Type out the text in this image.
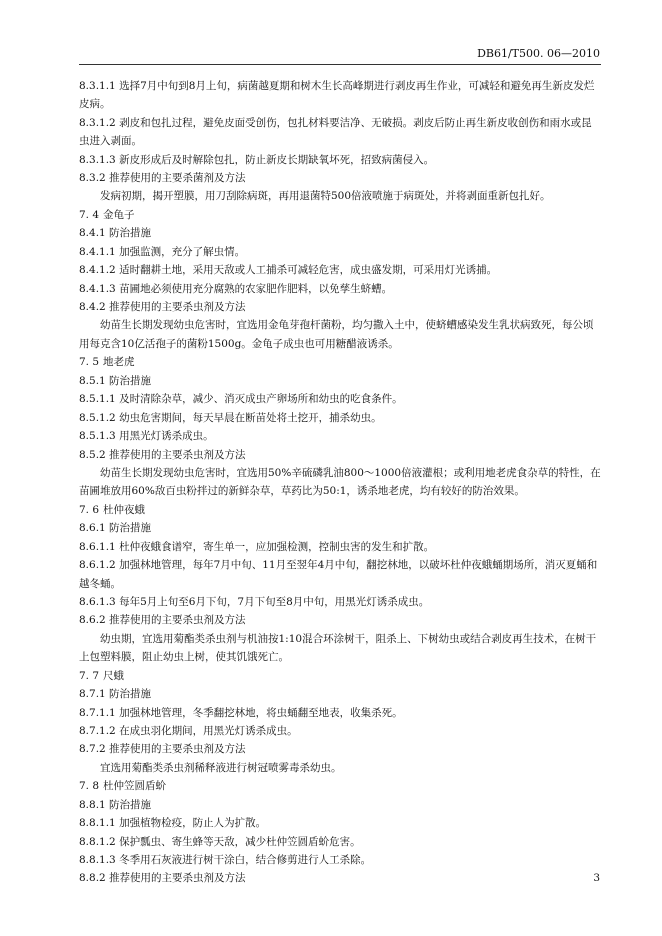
DB61/T500. 06—2010
8.3.1.1 选择7月中旬到8月上旬，病菌越夏期和树木生长高峰期进行剥皮再生作业，可减轻和避免再生新皮发烂皮病。
8.3.1.2 剥皮和包扎过程，避免皮面受创伤，包扎材料要洁净、无破损。剥皮后防止再生新皮收创伤和雨水或昆虫进入剥面。
8.3.1.3 新皮形成后及时解除包扎，防止新皮长期缺氧坏死，招致病菌侵入。
8.3.2 推荐使用的主要杀菌剂及方法
发病初期，揭开塑膜，用刀刮除病斑，再用退菌特500倍液喷施于病斑处，并将剥面重新包扎好。
7. 4 金龟子
8.4.1 防治措施
8.4.1.1 加强监测，充分了解虫情。
8.4.1.2 适时翻耕土地，采用天敌或人工捕杀可减轻危害，成虫盛发期，可采用灯光诱捕。
8.4.1.3 苗圃地必须使用充分腐熟的农家肥作肥料，以免孳生蛴螬。
8.4.2 推荐使用的主要杀虫剂及方法
幼苗生长期发现幼虫危害时，宜选用金龟芽孢杆菌粉，均匀撒入土中，使蛴螬感染发生乳状病致死，每公顷用每克含10亿活孢子的菌粉1500g。金龟子成虫也可用糖醋液诱杀。
7. 5 地老虎
8.5.1 防治措施
8.5.1.1 及时清除杂草，减少、消灭成虫产卵场所和幼虫的吃食条件。
8.5.1.2 幼虫危害期间，每天早晨在断苗处将土挖开，捕杀幼虫。
8.5.1.3 用黑光灯诱杀成虫。
8.5.2 推荐使用的主要杀虫剂及方法
幼苗生长期发现幼虫危害时，宜选用50%辛硫磷乳油800～1000倍液灌根；或利用地老虎食杂草的特性，在苗圃堆放用60%敌百虫粉拌过的新鲜杂草，草药比为50:1，诱杀地老虎，均有较好的防治效果。
7. 6 杜仲夜蛾
8.6.1 防治措施
8.6.1.1 杜仲夜蛾食谱窄，寄生单一，应加强检测，控制虫害的发生和扩散。
8.6.1.2 加强林地管理，每年7月中旬、11月至翌年4月中旬，翻挖林地，以破坏杜仲夜蛾蛹期场所，消灭夏蛹和越冬蛹。
8.6.1.3 每年5月上旬至6月下旬，7月下旬至8月中旬，用黑光灯诱杀成虫。
8.6.2 推荐使用的主要杀虫剂及方法
幼虫期，宜选用菊酯类杀虫剂与机油按1:10混合环涂树干，阻杀上、下树幼虫或结合剥皮再生技术，在树干上包塑料膜，阻止幼虫上树，使其饥饿死亡。
7. 7 尺蛾
8.7.1 防治措施
8.7.1.1 加强林地管理，冬季翻挖林地，将虫蛹翻至地表，收集杀死。
8.7.1.2 在成虫羽化期间，用黑光灯诱杀成虫。
8.7.2 推荐使用的主要杀虫剂及方法
宜选用菊酯类杀虫剂稀释液进行树冠喷雾毒杀幼虫。
7. 8 杜仲笠圆盾蚧
8.8.1 防治措施
8.8.1.1 加强植物检疫，防止人为扩散。
8.8.1.2 保护瓢虫、寄生蜂等天敌，减少杜仲笠圆盾蚧危害。
8.8.1.3 冬季用石灰液进行树干涂白，结合修剪进行人工杀除。
8.8.2 推荐使用的主要杀虫剂及方法	3
